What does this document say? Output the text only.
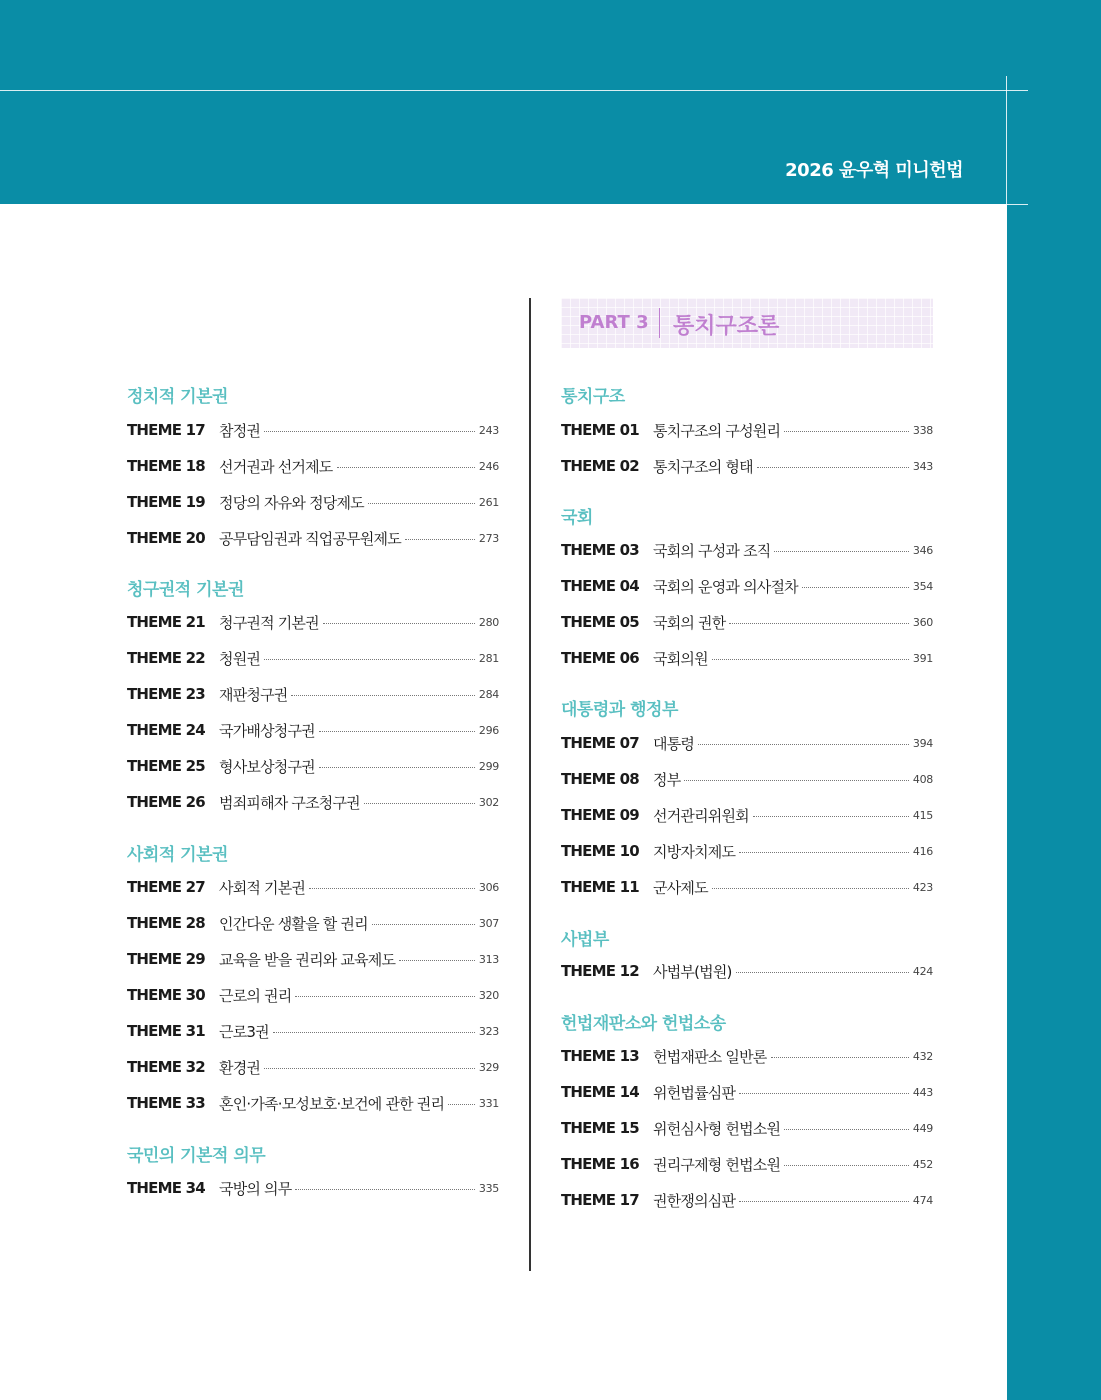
2026 윤우혁 미니헌법
PART 3 통치구조론
정치적 기본권
THEME 17 참정권	243
THEME 18 선거권과 선거제도	246
THEME 19 정당의 자유와 정당제도	261
THEME 20 공무담임권과 직업공무원제도	273
청구권적 기본권
THEME 21 청구권적 기본권	280
THEME 22 청원권	281
THEME 23 재판청구권	284
THEME 24 국가배상청구권	296
THEME 25 형사보상청구권	299
THEME 26 범죄피해자 구조청구권	302
사회적 기본권
THEME 27 사회적 기본권	306
THEME 28 인간다운 생활을 할 권리	307
THEME 29 교육을 받을 권리와 교육제도	313
THEME 30 근로의 권리	320
THEME 31 근로3권	323
THEME 32 환경권	329
THEME 33 혼인·가족·모성보호·보건에 관한 권리	331
국민의 기본적 의무
THEME 34 국방의 의무	335
통치구조
THEME 01 통치구조의 구성원리	338
THEME 02 통치구조의 형태	343
국회
THEME 03 국회의 구성과 조직	346
THEME 04 국회의 운영과 의사절차	354
THEME 05 국회의 권한	360
THEME 06 국회의원	391
대통령과 행정부
THEME 07 대통령	394
THEME 08 정부	408
THEME 09 선거관리위원회	415
THEME 10 지방자치제도	416
THEME 11 군사제도	423
사법부
THEME 12 사법부(법원)	424
헌법재판소와 헌법소송
THEME 13 헌법재판소 일반론	432
THEME 14 위헌법률심판	443
THEME 15 위헌심사형 헌법소원	449
THEME 16 권리구제형 헌법소원	452
THEME 17 권한쟁의심판	474
